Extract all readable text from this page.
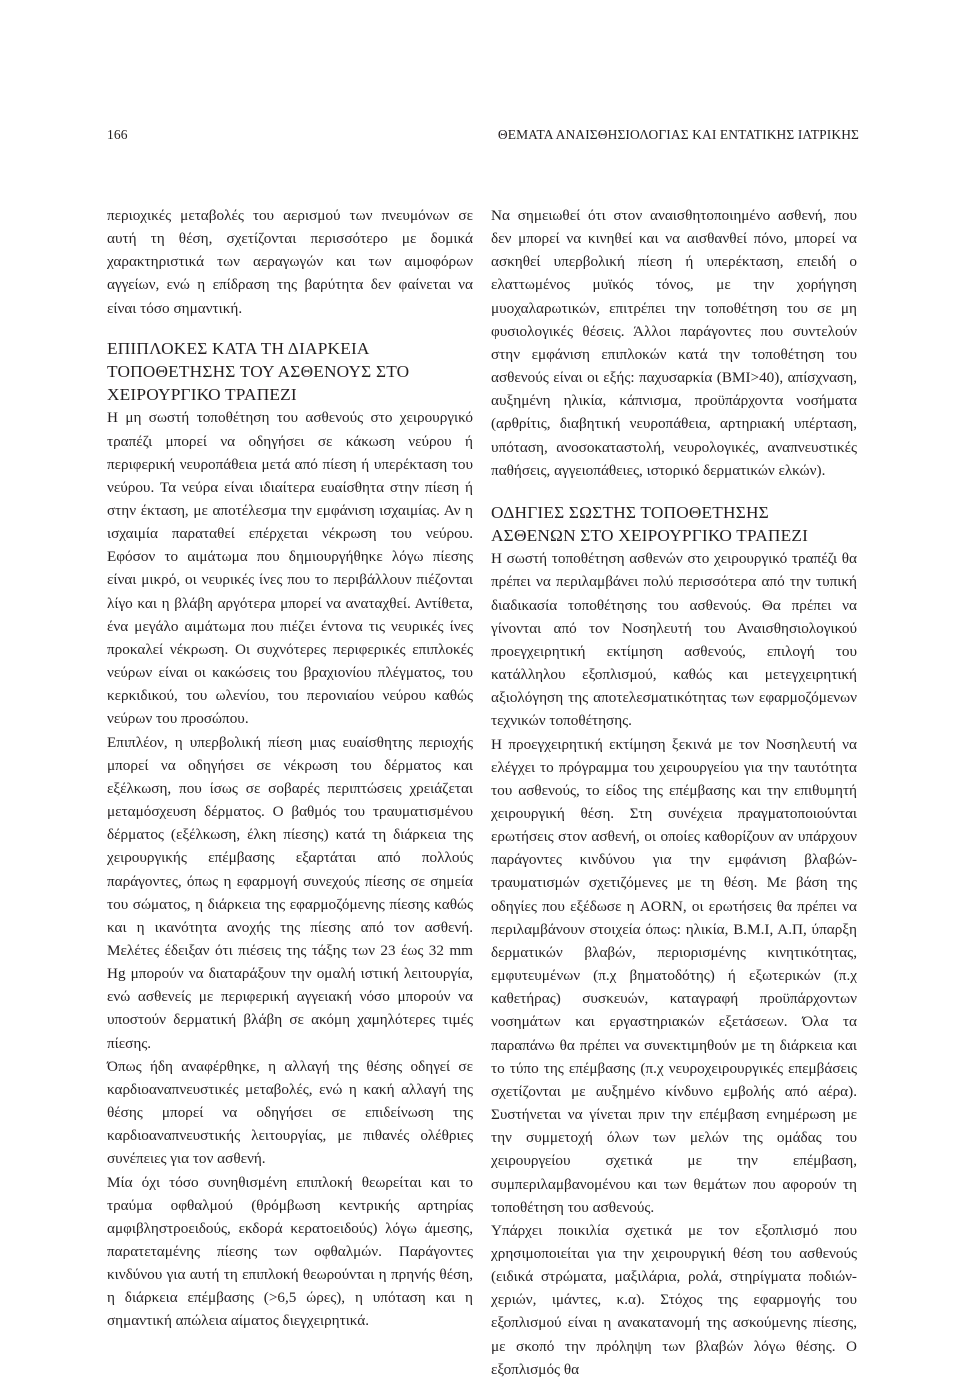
166	ΘΕΜΑΤΑ ΑΝΑΙΣΘΗΣΙΟΛΟΓΙΑΣ ΚΑΙ ΕΝΤΑΤΙΚΗΣ ΙΑΤΡΙΚΗΣ

περιοχικές μεταβολές του αερισμού των πνευμόνων σε αυτή τη θέση, σχετίζονται περισσότερο με δομικά χαρακτηριστικά των αεραγωγών και των αιμοφόρων αγγείων, ενώ η επίδραση της βαρύτητα δεν φαίνεται να είναι τόσο σημαντική.

ΕΠΙΠΛΟΚΕΣ ΚΑΤΑ ΤΗ ΔΙΑΡΚΕΙΑ ΤΟΠΟΘΕΤΗΣΗΣ ΤΟΥ ΑΣΘΕΝΟΥΣ ΣΤΟ ΧΕΙΡΟΥΡΓΙΚΟ ΤΡΑΠΕΖΙ

Η μη σωστή τοποθέτηση του ασθενούς στο χειρουργικό τραπέζι μπορεί να οδηγήσει σε κάκωση νεύρου ή περιφερική νευροπάθεια μετά από πίεση ή υπερέκταση του νεύρου. Τα νεύρα είναι ιδιαίτερα ευαίσθητα στην πίεση ή στην έκταση, με αποτέλεσμα την εμφάνιση ισχαιμίας. Αν η ισχαιμία παραταθεί επέρχεται νέκρωση του νεύρου. Εφόσον το αιμάτωμα που δημιουργήθηκε λόγω πίεσης είναι μικρό, οι νευρικές ίνες που το περιβάλλουν πιέζονται λίγο και η βλάβη αργότερα μπορεί να αναταχθεί. Αντίθετα, ένα μεγάλο αιμάτωμα που πιέζει έντονα τις νευρικές ίνες προκαλεί νέκρωση. Οι συχνότερες περιφερικές επιπλοκές νεύρων είναι οι κακώσεις του βραχιονίου πλέγματος, του κερκιδικού, του ωλενίου, του περονιαίου νεύρου καθώς νεύρων του προσώπου.

Επιπλέον, η υπερβολική πίεση μιας ευαίσθητης περιοχής μπορεί να οδηγήσει σε νέκρωση του δέρματος και εξέλκωση, που ίσως σε σοβαρές περιπτώσεις χρειάζεται μεταμόσχευση δέρματος. Ο βαθμός του τραυματισμένου δέρματος (εξέλκωση, έλκη πίεσης) κατά τη διάρκεια της χειρουργικής επέμβασης εξαρτάται από πολλούς παράγοντες, όπως η εφαρμογή συνεχούς πίεσης σε σημεία του σώματος, η διάρκεια της εφαρμοζόμενης πίεσης καθώς και η ικανότητα ανοχής της πίεσης από τον ασθενή. Μελέτες έδειξαν ότι πιέσεις της τάξης των 23 έως 32 mm Hg μπορούν να διαταράξουν την ομαλή ιστική λειτουργία, ενώ ασθενείς με περιφερική αγγειακή νόσο μπορούν να υποστούν δερματική βλάβη σε ακόμη χαμηλότερες τιμές πίεσης.

Όπως ήδη αναφέρθηκε, η αλλαγή της θέσης οδηγεί σε καρδιοαναπνευστικές μεταβολές, ενώ η κακή αλλαγή της θέσης μπορεί να οδηγήσει σε επιδείνωση της καρδιοαναπνευστικής λειτουργίας, με πιθανές ολέθριες συνέπειες για τον ασθενή.

Μία όχι τόσο συνηθισμένη επιπλοκή θεωρείται και το τραύμα οφθαλμού (θρόμβωση κεντρικής αρτηρίας αμφιβληστροειδούς, εκδορά κερατοειδούς) λόγω άμεσης, παρατεταμένης πίεσης των οφθαλμών. Παράγοντες κινδύνου για αυτή τη επιπλοκή θεωρούνται η πρηνής θέση, η διάρκεια επέμβασης (>6,5 ώρες), η υπόταση και η σημαντική απώλεια αίματος διεγχειρητικά.

Να σημειωθεί ότι στον αναισθητοποιημένο ασθενή, που δεν μπορεί να κινηθεί και να αισθανθεί πόνο, μπορεί να ασκηθεί υπερβολική πίεση ή υπερέκταση, επειδή ο ελαττωμένος μυϊκός τόνος, με την χορήγηση μυοχαλαρωτικών, επιτρέπει την τοποθέτηση του σε μη φυσιολογικές θέσεις. Άλλοι παράγοντες που συντελούν στην εμφάνιση επιπλοκών κατά την τοποθέτηση του ασθενούς είναι οι εξής: παχυσαρκία (BMI>40), απίσχναση, αυξημένη ηλικία, κάπνισμα, προϋπάρχοντα νοσήματα (αρθρίτις, διαβητική νευροπάθεια, αρτηριακή υπέρταση, υπόταση, ανοσοκαταστολή, νευρολογικές, αναπνευστικές παθήσεις, αγγειοπάθειες, ιστορικό δερματικών ελκών).

ΟΔΗΓΙΕΣ ΣΩΣΤΗΣ ΤΟΠΟΘΕΤΗΣΗΣ ΑΣΘΕΝΩΝ ΣΤΟ ΧΕΙΡΟΥΡΓΙΚΟ ΤΡΑΠΕΖΙ

Η σωστή τοποθέτηση ασθενών στο χειρουργικό τραπέζι θα πρέπει να περιλαμβάνει πολύ περισσότερα από την τυπική διαδικασία τοποθέτησης του ασθενούς. Θα πρέπει να γίνονται από τον Νοσηλευτή του Αναισθησιολογικού προεγχειρητική εκτίμηση ασθενούς, επιλογή του κατάλληλου εξοπλισμού, καθώς και μετεγχειρητική αξιολόγηση της αποτελεσματικότητας των εφαρμοζόμενων τεχνικών τοποθέτησης.

Η προεγχειρητική εκτίμηση ξεκινά με τον Νοσηλευτή να ελέγχει το πρόγραμμα του χειρουργείου για την ταυτότητα του ασθενούς, το είδος της επέμβασης και την επιθυμητή χειρουργική θέση. Στη συνέχεια πραγματοποιούνται ερωτήσεις στον ασθενή, οι οποίες καθορίζουν αν υπάρχουν παράγοντες κινδύνου για την εμφάνιση βλαβών-τραυματισμών σχετιζόμενες με τη θέση. Με βάση της οδηγίες που εξέδωσε η AORN, οι ερωτήσεις θα πρέπει να περιλαμβάνουν στοιχεία όπως: ηλικία, Β.Μ.Ι, Α.Π, ύπαρξη δερματικών βλαβών, περιορισμένης κινητικότητας, εμφυτευμένων (π.χ βηματοδότης) ή εξωτερικών (π.χ καθετήρας) συσκευών, καταγραφή προϋπάρχοντων νοσημάτων και εργαστηριακών εξετάσεων. Όλα τα παραπάνω θα πρέπει να συνεκτιμηθούν με τη διάρκεια και το τύπο της επέμβασης (π.χ νευροχειρουργικές επεμβάσεις σχετίζονται με αυξημένο κίνδυνο εμβολής από αέρα). Συστήνεται να γίνεται πριν την επέμβαση ενημέρωση με την συμμετοχή όλων των μελών της ομάδας του χειρουργείου σχετικά με την επέμβαση, συμπεριλαμβανομένου και των θεμάτων που αφορούν τη τοποθέτηση του ασθενούς.

Υπάρχει ποικιλία σχετικά με τον εξοπλισμό που χρησιμοποιείται για την χειρουργική θέση του ασθενούς (ειδικά στρώματα, μαξιλάρια, ρολά, στηρίγματα ποδιών-χεριών, ιμάντες, κ.α). Στόχος της εφαρμογής του εξοπλισμού είναι η ανακατανομή της ασκούμενης πίεσης, με σκοπό την πρόληψη των βλαβών λόγω θέσης. Ο εξοπλισμός θα
